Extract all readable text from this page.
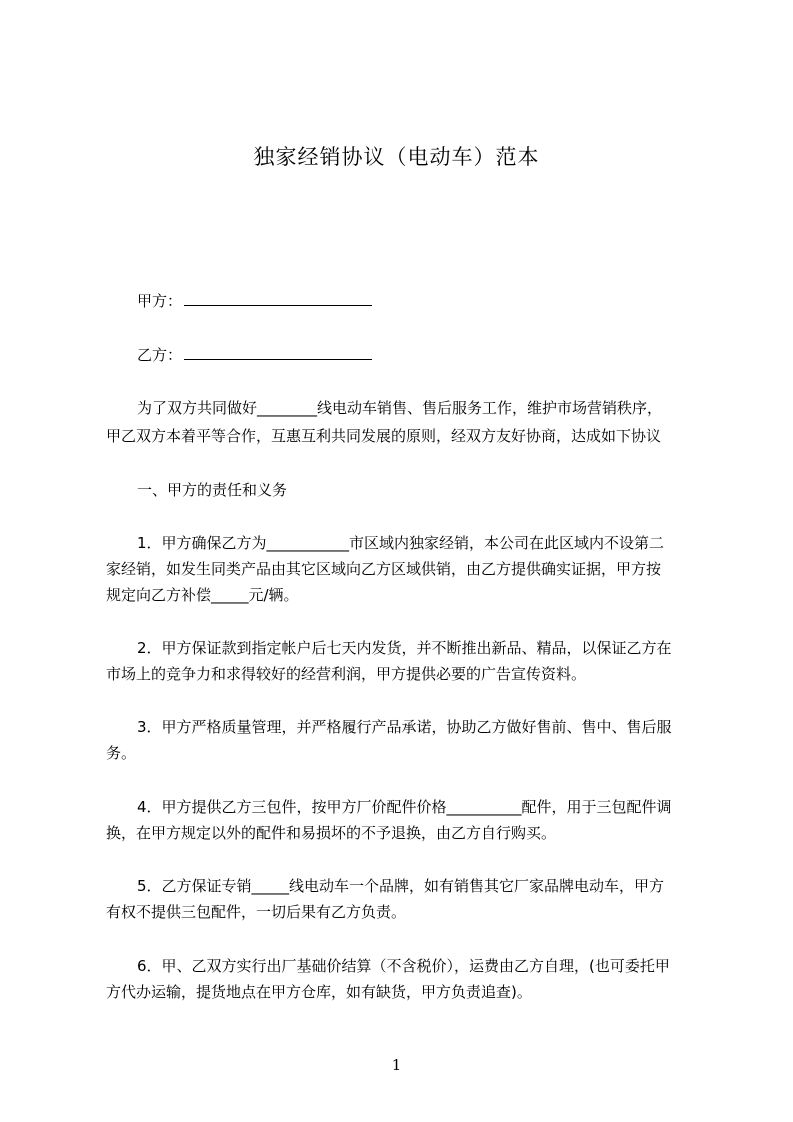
独家经销协议（电动车）范本
甲方：
乙方：
为了双方共同做好________线电动车销售、售后服务工作，维护市场营销秩序，
甲乙双方本着平等合作，互惠互利共同发展的原则，经双方友好协商，达成如下协议
一、甲方的责任和义务
1．甲方确保乙方为___________市区域内独家经销，本公司在此区域内不设第二
家经销，如发生同类产品由其它区域向乙方区域供销，由乙方提供确实证据，甲方按
规定向乙方补偿_____元/辆。
2．甲方保证款到指定帐户后七天内发货，并不断推出新品、精品，以保证乙方在
市场上的竞争力和求得较好的经营利润，甲方提供必要的广告宣传资料。
3．甲方严格质量管理，并严格履行产品承诺，协助乙方做好售前、售中、售后服
务。
4．甲方提供乙方三包件，按甲方厂价配件价格__________配件，用于三包配件调
换，在甲方规定以外的配件和易损坏的不予退换，由乙方自行购买。
5．乙方保证专销_____线电动车一个品牌，如有销售其它厂家品牌电动车，甲方
有权不提供三包配件，一切后果有乙方负责。
6．甲、乙双方实行出厂基础价结算（不含税价），运费由乙方自理，(也可委托甲
方代办运输，提货地点在甲方仓库，如有缺货，甲方负责追查)。
1
